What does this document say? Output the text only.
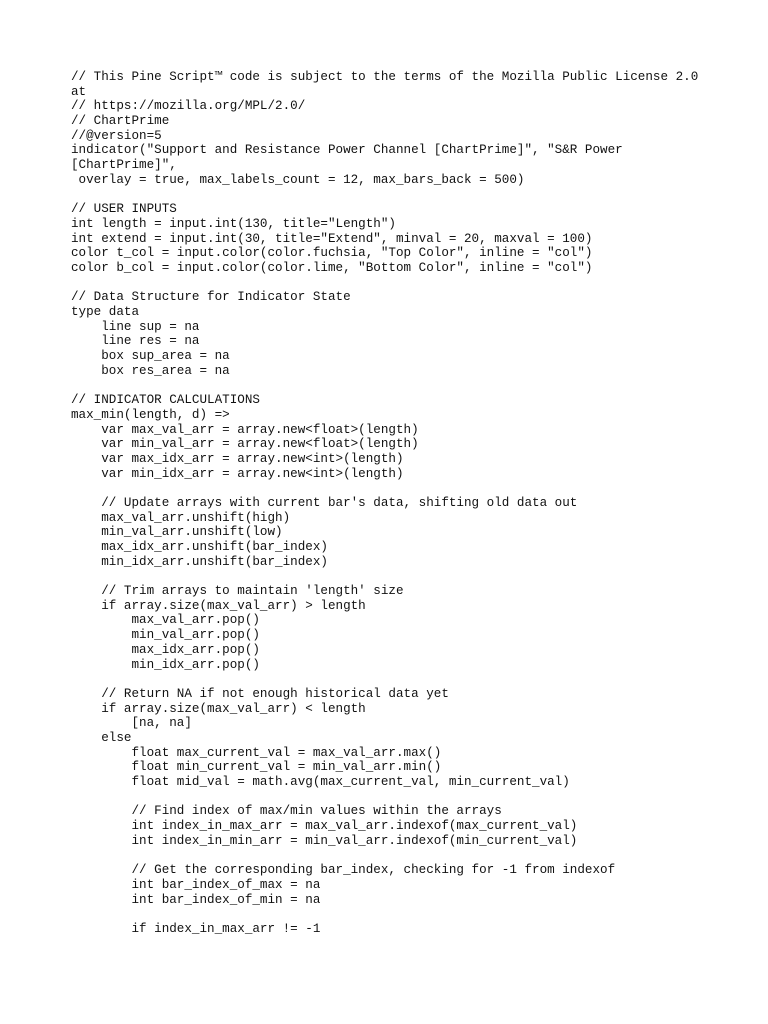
// This Pine Script™ code is subject to the terms of the Mozilla Public License 2.0
at
// https://mozilla.org/MPL/2.0/
// ChartPrime
//@version=5
indicator("Support and Resistance Power Channel [ChartPrime]", "S&R Power
[ChartPrime]",
overlay = true, max_labels_count = 12, max_bars_back = 500)
// USER INPUTS
int length = input.int(130, title="Length")
int extend = input.int(30, title="Extend", minval = 20, maxval = 100)
color t_col = input.color(color.fuchsia, "Top Color", inline = "col")
color b_col = input.color(color.lime, "Bottom Color", inline = "col")
// Data Structure for Indicator State
type data
line sup = na
line res = na
box sup_area = na
box res_area = na
// INDICATOR CALCULATIONS
max_min(length, d) =>
var max_val_arr = array.new<float>(length)
var min_val_arr = array.new<float>(length)
var max_idx_arr = array.new<int>(length)
var min_idx_arr = array.new<int>(length)
// Update arrays with current bar's data, shifting old data out
max_val_arr.unshift(high)
min_val_arr.unshift(low)
max_idx_arr.unshift(bar_index)
min_idx_arr.unshift(bar_index)
// Trim arrays to maintain 'length' size
if array.size(max_val_arr) > length
max_val_arr.pop()
min_val_arr.pop()
max_idx_arr.pop()
min_idx_arr.pop()
// Return NA if not enough historical data yet
if array.size(max_val_arr) < length
[na, na]
else
float max_current_val = max_val_arr.max()
float min_current_val = min_val_arr.min()
float mid_val = math.avg(max_current_val, min_current_val)
// Find index of max/min values within the arrays
int index_in_max_arr = max_val_arr.indexof(max_current_val)
int index_in_min_arr = min_val_arr.indexof(min_current_val)
// Get the corresponding bar_index, checking for -1 from indexof
int bar_index_of_max = na
int bar_index_of_min = na
if index_in_max_arr != -1
